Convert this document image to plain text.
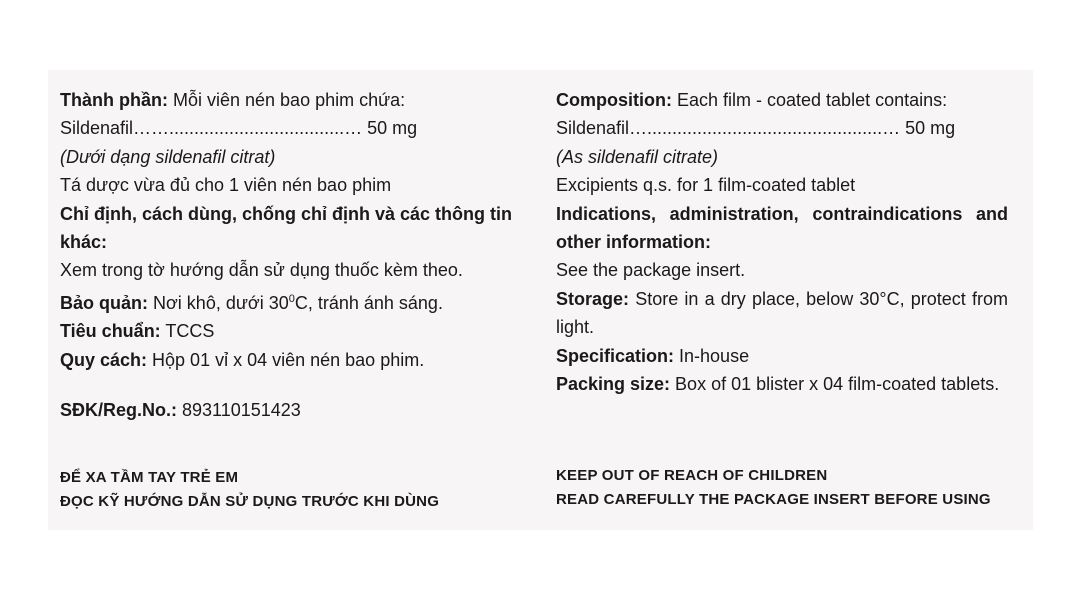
Thành phần: Mỗi viên nén bao phim chứa:
Sildenafil……...................................… 50 mg
(Dưới dạng sildenafil citrat)
Tá dược vừa đủ cho 1 viên nén bao phim
Chỉ định, cách dùng, chống chỉ định và các thông tin khác:
Xem trong tờ hướng dẫn sử dụng thuốc kèm theo.
Bảo quản: Nơi khô, dưới $30^0C$, tránh ánh sáng.
Tiêu chuẩn: TCCS
Quy cách: Hộp 01 vỉ x 04 viên nén bao phim.
SĐK/Reg.No.: 893110151423
ĐỂ XA TẦM TAY TRẺ EM
ĐỌC KỸ HƯỚNG DẪN SỬ DỤNG TRƯỚC KHI DÙNG
Composition: Each film - coated tablet contains:
Sildenafil…...............................................… 50 mg
(As sildenafil citrate)
Excipients q.s. for 1 film-coated tablet
Indications, administration, contraindications and other information:
See the package insert.
Storage: Store in a dry place, below 30°C, protect from light.
Specification: In-house
Packing size: Box of 01 blister x 04 film-coated tablets.
KEEP OUT OF REACH OF CHILDREN
READ CAREFULLY THE PACKAGE INSERT BEFORE USING
